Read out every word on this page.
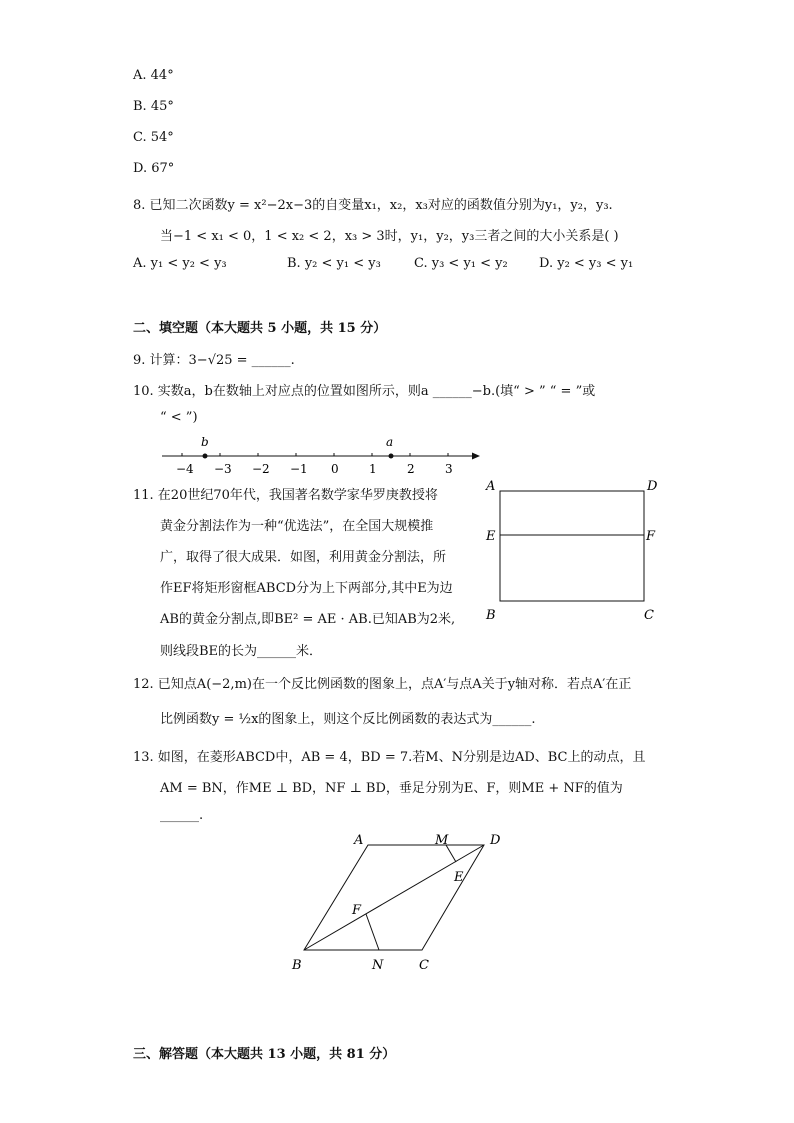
A. 44°
B. 45°
C. 54°
D. 67°
8. 已知二次函数y = x²−2x−3的自变量x₁，x₂，x₃对应的函数值分别为y₁，y₂，y₃.
当−1 < x₁ < 0，1 < x₂ < 2，x₃ > 3时，y₁，y₂，y₃三者之间的大小关系是( )
A. y₁ < y₂ < y₃	B. y₂ < y₁ < y₃	C. y₃ < y₁ < y₂ D. y₂ < y₃ < y₁
二、填空题（本大题共 5 小题，共 15 分）
9. 计算：3−√25 = ______.
10. 实数a，b在数轴上对应点的位置如图所示，则a ______−b.(填“ > ” “ = ”或
“ < ”)
−4 −3 −2 −1 0	1	2	3
b	a
11. 在20世纪70年代，我国著名数学家华罗庚教授将
黄金分割法作为一种“优选法”，在全国大规模推
广，取得了很大成果．如图，利用黄金分割法，所
作EF将矩形窗框ABCD分为上下两部分,其中E为边
AB的黄金分割点,即BE² = AE · AB.已知AB为2米,
则线段BE的长为______米．
A	D
E	F
B	C
12. 已知点A(−2,m)在一个反比例函数的图象上，点A′与点A关于y轴对称．若点A′在正
比例函数y = ½x的图象上，则这个反比例函数的表达式为______.
13. 如图，在菱形ABCD中，AB = 4，BD = 7.若M、N分别是边AD、BC上的动点，且
AM = BN，作ME ⊥ BD，NF ⊥ BD，垂足分别为E、F，则ME + NF的值为
______.
A	M	D
E
F
B	N	C
三、解答题（本大题共 13 小题，共 81 分）
